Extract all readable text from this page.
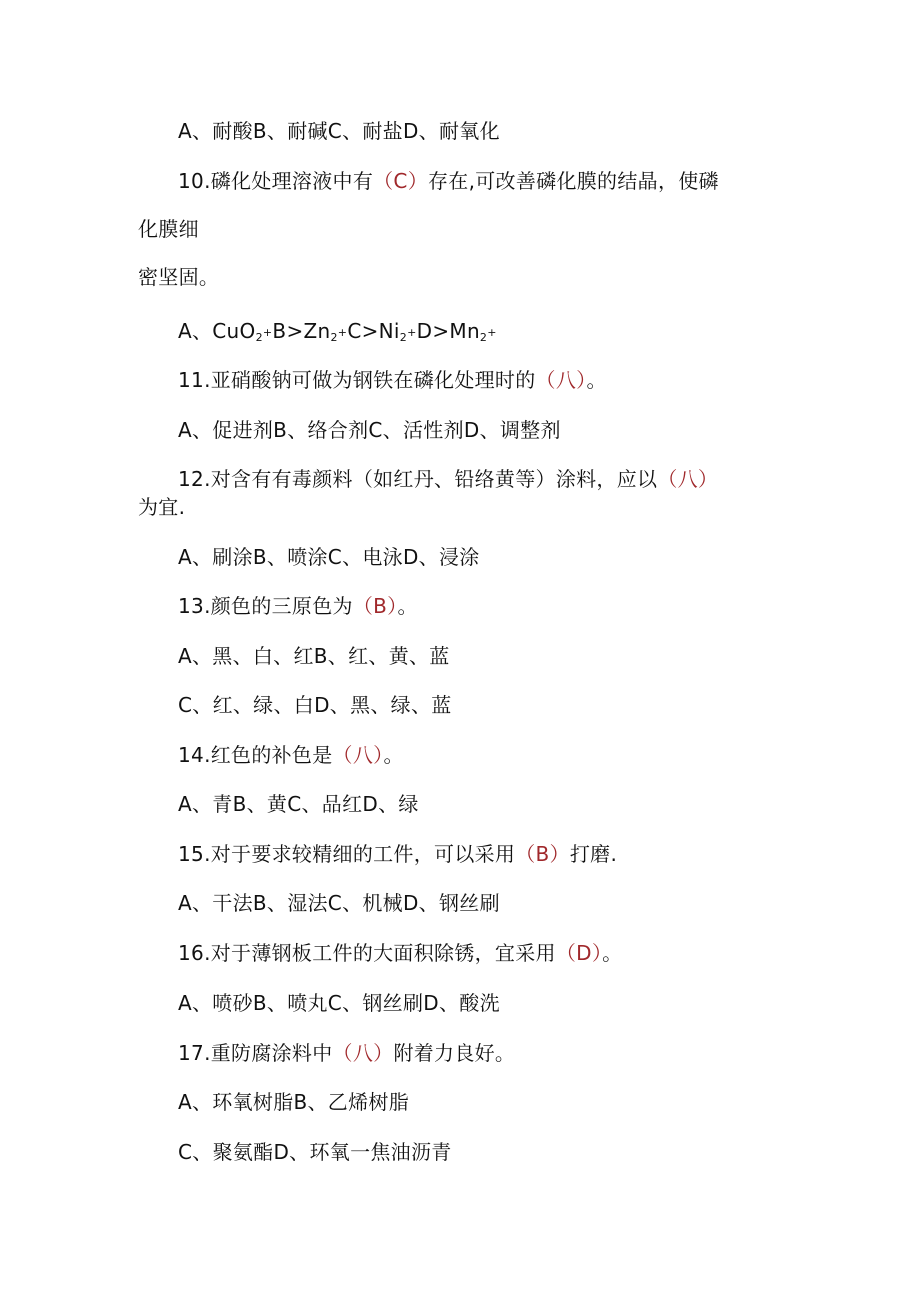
A、耐酸B、耐碱C、耐盐D、耐氧化

10.磷化处理溶液中有（C）存在,可改善磷化膜的结晶，使磷

化膜细

密坚固。

A、$CuO_2^+B>Zn_2^+C>Ni_2^+D>Mn_2^+$

11.亚硝酸钠可做为钢铁在磷化处理时的（八）。

A、促进剂B、络合剂C、活性剂D、调整剂

12.对含有有毒颜料（如红丹、铅络黄等）涂料，应以（八）

为宜.

A、刷涂B、喷涂C、电泳D、浸涂

13.颜色的三原色为（B）。

A、黑、白、红B、红、黄、蓝

C、红、绿、白D、黑、绿、蓝

14.红色的补色是（八）。

A、青B、黄C、品红D、绿

15.对于要求较精细的工件，可以采用（B）打磨.

A、干法B、湿法C、机械D、钢丝刷

16.对于薄钢板工件的大面积除锈，宜采用（D）。

A、喷砂B、喷丸C、钢丝刷D、酸洗

17.重防腐涂料中（八）附着力良好。

A、环氧树脂B、乙烯树脂

C、聚氨酯D、环氧一焦油沥青
